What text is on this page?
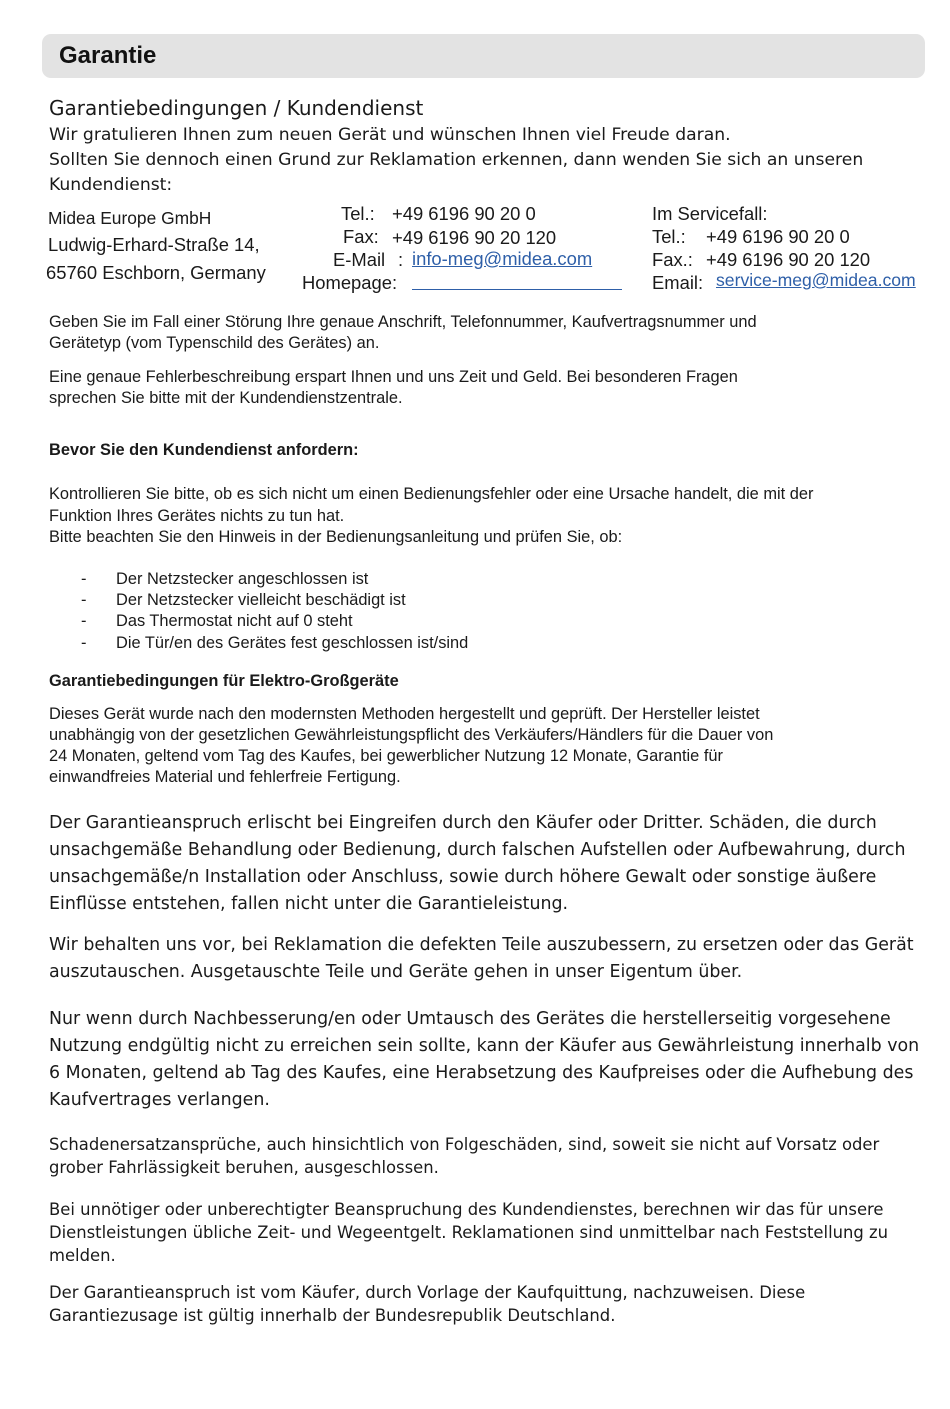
Garantie
Garantiebedingungen / Kundendienst
Wir gratulieren Ihnen zum neuen Gerät und wünschen Ihnen viel Freude daran.
Sollten Sie dennoch einen Grund zur Reklamation erkennen, dann wenden Sie sich an unseren
Kundendienst:
Midea Europe GmbH
Ludwig-Erhard-Straße 14,
65760 Eschborn, Germany
Tel.: +49 6196 90 20 0
Fax: +49 6196 90 20 120
E-Mail : info-meg@midea.com
Homepage:
Im Servicefall:
Tel.: +49 6196 90 20 0
Fax.: +49 6196 90 20 120
Email: service-meg@midea.com
Geben Sie im Fall einer Störung Ihre genaue Anschrift, Telefonnummer, Kaufvertragsnummer und
Gerätetyp (vom Typenschild des Gerätes) an.
Eine genaue Fehlerbeschreibung erspart Ihnen und uns Zeit und Geld. Bei besonderen Fragen
sprechen Sie bitte mit der Kundendienstzentrale.
Bevor Sie den Kundendienst anfordern:
Kontrollieren Sie bitte, ob es sich nicht um einen Bedienungsfehler oder eine Ursache handelt, die mit der
Funktion Ihres Gerätes nichts zu tun hat.
Bitte beachten Sie den Hinweis in der Bedienungsanleitung und prüfen Sie, ob:
- Der Netzstecker angeschlossen ist
- Der Netzstecker vielleicht beschädigt ist
- Das Thermostat nicht auf 0 steht
- Die Tür/en des Gerätes fest geschlossen ist/sind
Garantiebedingungen für Elektro-Großgeräte
Dieses Gerät wurde nach den modernsten Methoden hergestellt und geprüft. Der Hersteller leistet
unabhängig von der gesetzlichen Gewährleistungspflicht des Verkäufers/Händlers für die Dauer von
24 Monaten, geltend vom Tag des Kaufes, bei gewerblicher Nutzung 12 Monate, Garantie für
einwandfreies Material und fehlerfreie Fertigung.
Der Garantieanspruch erlischt bei Eingreifen durch den Käufer oder Dritter. Schäden, die durch
unsachgemäße Behandlung oder Bedienung, durch falschen Aufstellen oder Aufbewahrung, durch
unsachgemäße/n Installation oder Anschluss, sowie durch höhere Gewalt oder sonstige äußere
Einflüsse entstehen, fallen nicht unter die Garantieleistung.
Wir behalten uns vor, bei Reklamation die defekten Teile auszubessern, zu ersetzen oder das Gerät
auszutauschen. Ausgetauschte Teile und Geräte gehen in unser Eigentum über.
Nur wenn durch Nachbesserung/en oder Umtausch des Gerätes die herstellerseitig vorgesehene
Nutzung endgültig nicht zu erreichen sein sollte, kann der Käufer aus Gewährleistung innerhalb von
6 Monaten, geltend ab Tag des Kaufes, eine Herabsetzung des Kaufpreises oder die Aufhebung des
Kaufvertrages verlangen.
Schadenersatzansprüche, auch hinsichtlich von Folgeschäden, sind, soweit sie nicht auf Vorsatz oder
grober Fahrlässigkeit beruhen, ausgeschlossen.
Bei unnötiger oder unberechtigter Beanspruchung des Kundendienstes, berechnen wir das für unsere
Dienstleistungen übliche Zeit- und Wegeentgelt. Reklamationen sind unmittelbar nach Feststellung zu
melden.
Der Garantieanspruch ist vom Käufer, durch Vorlage der Kaufquittung, nachzuweisen. Diese
Garantiezusage ist gültig innerhalb der Bundesrepublik Deutschland.
